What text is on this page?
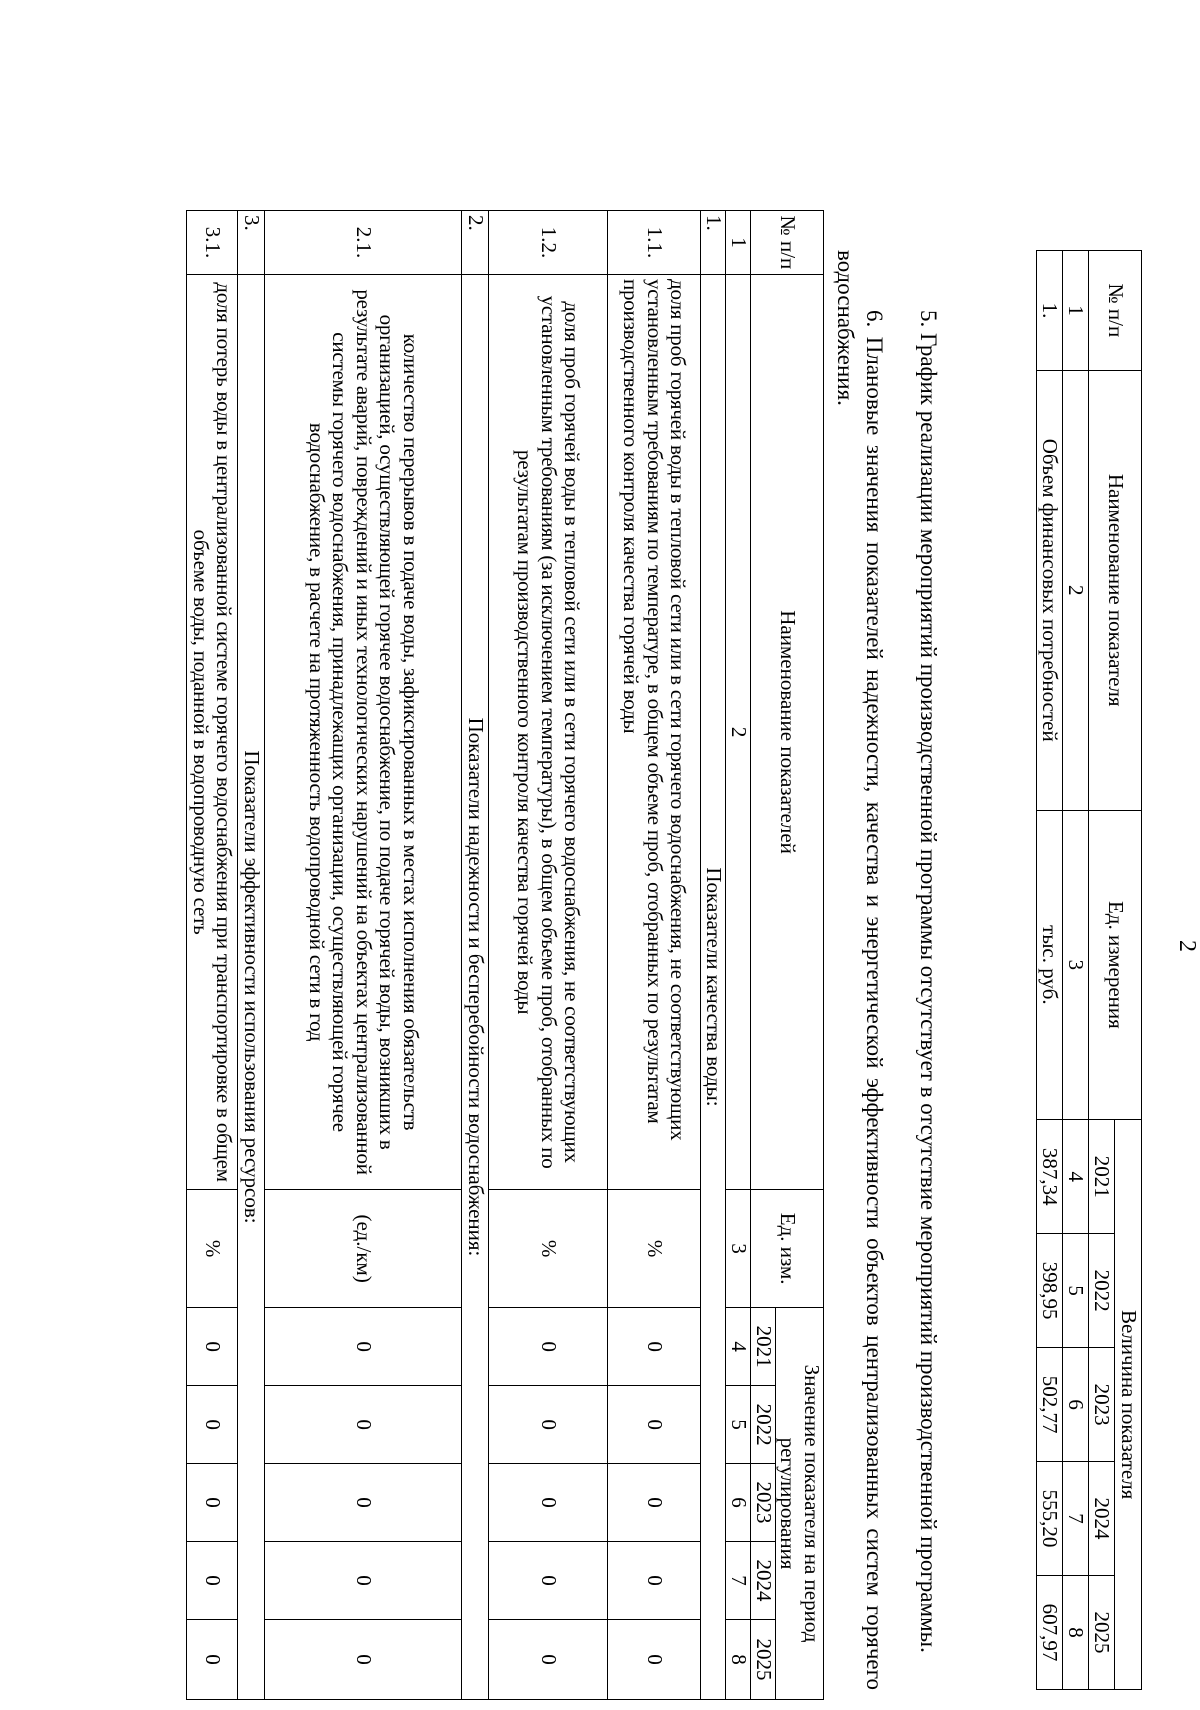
2
№ п/п	Наименование показателя	Ед. измерения	Величина показателя				
			2021	2022	2023	2024	2025
1	2	3	4	5	6	7	8
1.	Объем финансовых потребностей	тыс. руб.	387,34	398,95	502,77	555,20	607,97
5. График реализации мероприятий производственной программы отсутствует в отсутствие мероприятий производственной программы.
6. Плановые значения показателей надежности, качества и энергетической эффективности объектов централизованных систем горячего водоснабжения.
№ п/п	Наименование показателей	Ед. изм.	Значение показателя на период регулирования				
			2021	2022	2023	2024	2025
1	2	3	4	5	6	7	8
1.	Показатели качества воды:						
1.1.	доля проб горячей воды в тепловой сети или в сети горячего водоснабжения, не соответствующих установленным требованиям по температуре, в общем объеме проб, отобранных по результатам производственного контроля качества горячей воды	%	0	0	0	0	0
1.2.	доля проб горячей воды в тепловой сети или в сети горячего водоснабжения, не соответствующих установленным требованиям (за исключением температуры), в общем объеме проб, отобранных по результатам производственного контроля качества горячей воды	%	0	0	0	0	0
2.	Показатели надежности и бесперебойности водоснабжения:						
2.1.	количество перерывов в подаче воды, зафиксированных в местах исполнения обязательств организацией, осуществляющей горячее водоснабжение, по подаче горячей воды, возникших в результате аварий, повреждений и иных технологических нарушений на объектах централизованной системы горячего водоснабжения, принадлежащих организации, осуществляющей горячее водоснабжение, в расчете на протяженность водопроводной сети в год	(ед./км)	0	0	0	0	0
3.	Показатели эффективности использования ресурсов:						
3.1.	доля потерь воды в централизованной системе горячего водоснабжения при транспортировке в общем объеме воды, поданной в водопроводную сеть	%	0	0	0	0	0
